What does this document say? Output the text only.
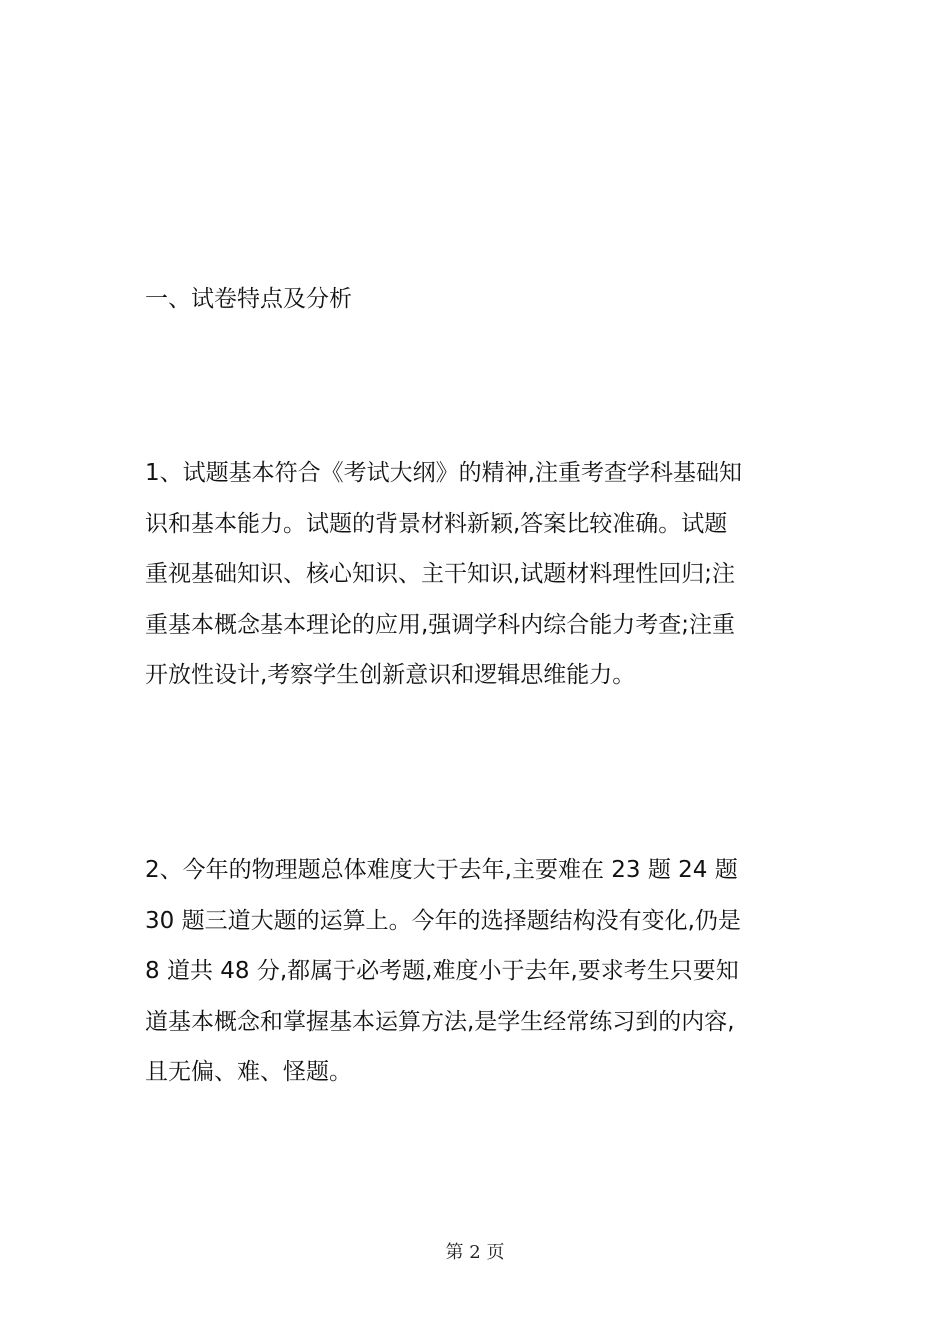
一、试卷特点及分析

1、试题基本符合《考试大纲》的精神,注重考查学科基础知
识和基本能力。试题的背景材料新颖,答案比较准确。试题
重视基础知识、核心知识、主干知识,试题材料理性回归;注
重基本概念基本理论的应用,强调学科内综合能力考查;注重
开放性设计,考察学生创新意识和逻辑思维能力。

2、今年的物理题总体难度大于去年,主要难在 23 题 24 题
30 题三道大题的运算上。今年的选择题结构没有变化,仍是
8 道共 48 分,都属于必考题,难度小于去年,要求考生只要知
道基本概念和掌握基本运算方法,是学生经常练习到的内容,
且无偏、难、怪题。

第 2 页
